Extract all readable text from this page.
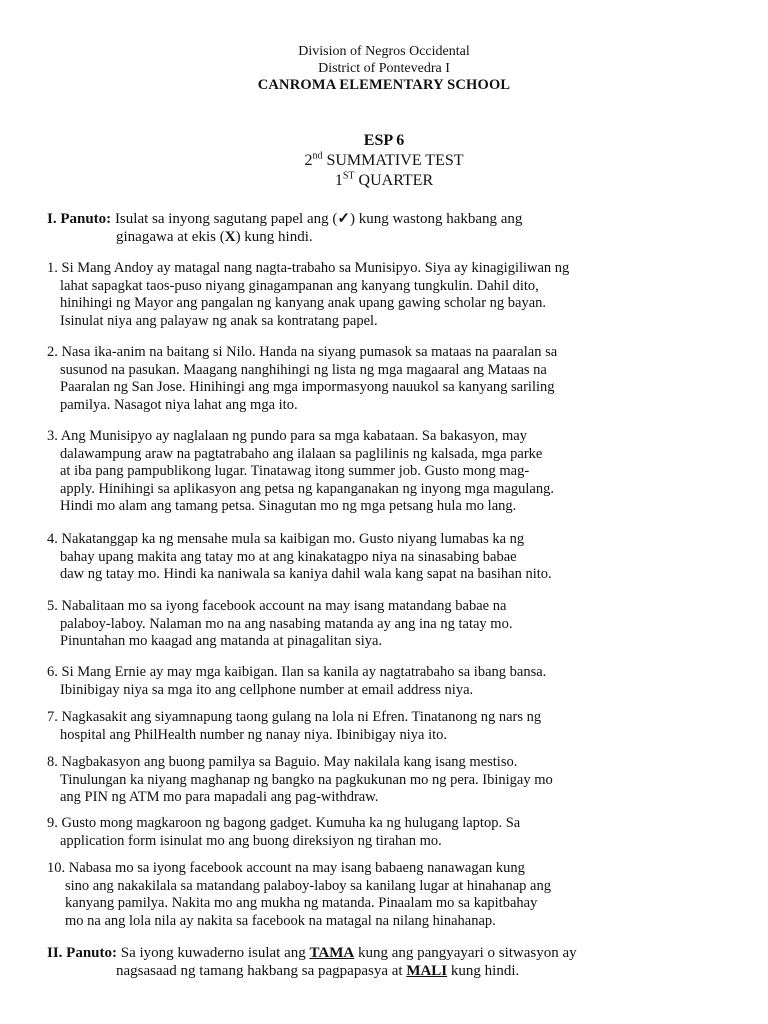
Division of Negros Occidental
District of Pontevedra I
CANROMA ELEMENTARY SCHOOL
ESP 6
2nd SUMMATIVE TEST
1ST QUARTER
I. Panuto: Isulat sa inyong sagutang papel ang (✓) kung wastong hakbang ang
ginagawa at ekis (X) kung hindi.
1. Si Mang Andoy ay matagal nang nagta-trabaho sa Munisipyo. Siya ay kinagigiliwan ng
lahat sapagkat taos-puso niyang ginagampanan ang kanyang tungkulin. Dahil dito,
hinihingi ng Mayor ang pangalan ng kanyang anak upang gawing scholar ng bayan.
Isinulat niya ang palayaw ng anak sa kontratang papel.
2. Nasa ika-anim na baitang si Nilo. Handa na siyang pumasok sa mataas na paaralan sa
susunod na pasukan. Maagang nanghihingi ng lista ng mga magaaral ang Mataas na
Paaralan ng San Jose. Hinihingi ang mga impormasyong nauukol sa kanyang sariling
pamilya. Nasagot niya lahat ang mga ito.
3. Ang Munisipyo ay naglalaan ng pundo para sa mga kabataan. Sa bakasyon, may
dalawampung araw na pagtatrabaho ang ilalaan sa paglilinis ng kalsada, mga parke
at iba pang pampublikong lugar. Tinatawag itong summer job. Gusto mong mag-
apply. Hinihingi sa aplikasyon ang petsa ng kapanganakan ng inyong mga magulang.
Hindi mo alam ang tamang petsa. Sinagutan mo ng mga petsang hula mo lang.
4. Nakatanggap ka ng mensahe mula sa kaibigan mo. Gusto niyang lumabas ka ng
bahay upang makita ang tatay mo at ang kinakatagpo niya na sinasabing babae
daw ng tatay mo. Hindi ka naniwala sa kaniya dahil wala kang sapat na basihan nito.
5. Nabalitaan mo sa iyong facebook account na may isang matandang babae na
palaboy-laboy. Nalaman mo na ang nasabing matanda ay ang ina ng tatay mo.
Pinuntahan mo kaagad ang matanda at pinagalitan siya.
6. Si Mang Ernie ay may mga kaibigan. Ilan sa kanila ay nagtatrabaho sa ibang bansa.
Ibinibigay niya sa mga ito ang cellphone number at email address niya.
7. Nagkasakit ang siyamnapung taong gulang na lola ni Efren. Tinatanong ng nars ng
hospital ang PhilHealth number ng nanay niya. Ibinibigay niya ito.
8. Nagbakasyon ang buong pamilya sa Baguio. May nakilala kang isang mestiso.
Tinulungan ka niyang maghanap ng bangko na pagkukunan mo ng pera. Ibinigay mo
ang PIN ng ATM mo para mapadali ang pag-withdraw.
9. Gusto mong magkaroon ng bagong gadget. Kumuha ka ng hulugang laptop. Sa
application form isinulat mo ang buong direksiyon ng tirahan mo.
10. Nabasa mo sa iyong facebook account na may isang babaeng nanawagan kung
sino ang nakakilala sa matandang palaboy-laboy sa kanilang lugar at hinahanap ang
kanyang pamilya. Nakita mo ang mukha ng matanda. Pinaalam mo sa kapitbahay
mo na ang lola nila ay nakita sa facebook na matagal na nilang hinahanap.
II. Panuto: Sa iyong kuwaderno isulat ang TAMA kung ang pangyayari o sitwasyon ay
nagsasaad ng tamang hakbang sa pagpapasya at MALI kung hindi.
